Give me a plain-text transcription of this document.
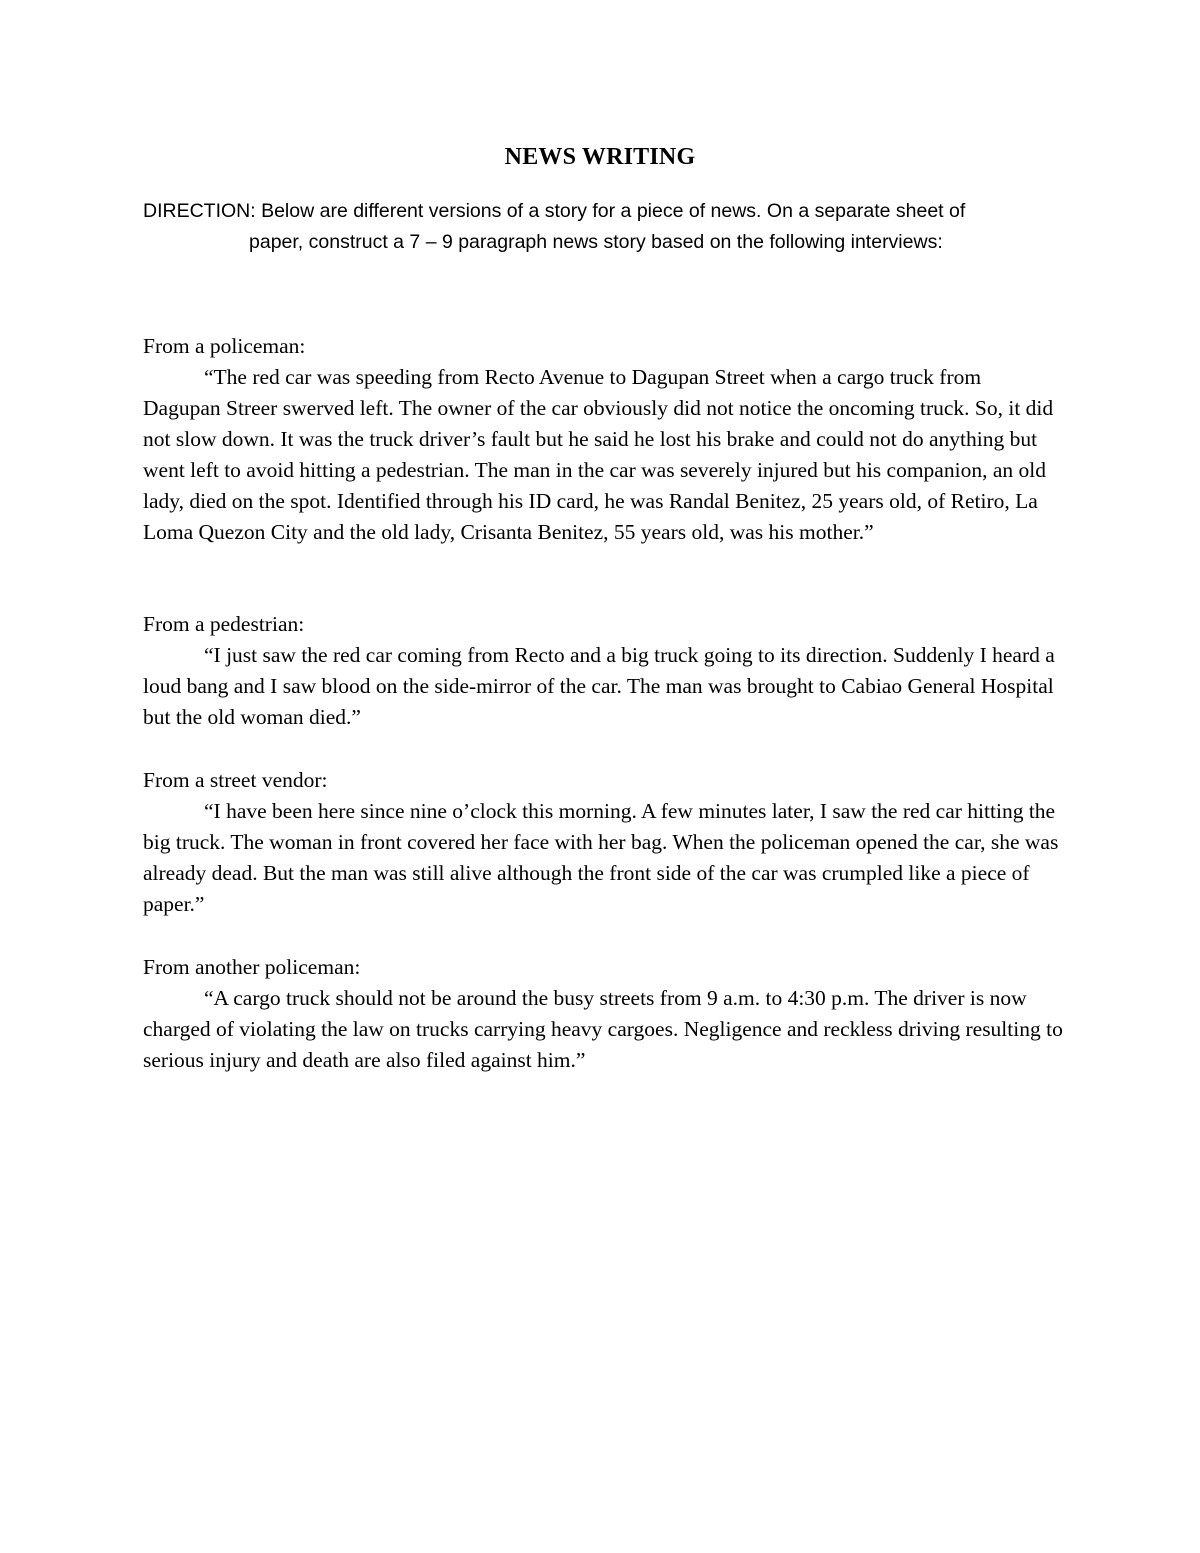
NEWS WRITING
DIRECTION: Below are different versions of a story for a piece of news. On a separate sheet of
paper, construct a 7 – 9 paragraph news story based on the following interviews:
From a policeman:

“The red car was speeding from Recto Avenue to Dagupan Street when a cargo truck from Dagupan Streer swerved left. The owner of the car obviously did not notice the oncoming truck. So, it did not slow down. It was the truck driver’s fault but he said he lost his brake and could not do anything but went left to avoid hitting a pedestrian. The man in the car was severely injured but his companion, an old lady, died on the spot. Identified through his ID card, he was Randal Benitez, 25 years old, of Retiro, La Loma Quezon City and the old lady, Crisanta Benitez, 55 years old, was his mother.”

From a pedestrian:

“I just saw the red car coming from Recto and a big truck going to its direction. Suddenly I heard a loud bang and I saw blood on the side-mirror of the car. The man was brought to Cabiao General Hospital but the old woman died.”

From a street vendor:

“I have been here since nine o’clock this morning. A few minutes later, I saw the red car hitting the big truck. The woman in front covered her face with her bag. When the policeman opened the car, she was already dead. But the man was still alive although the front side of the car was crumpled like a piece of paper.”

From another policeman:

“A cargo truck should not be around the busy streets from 9 a.m. to 4:30 p.m. The driver is now charged of violating the law on trucks carrying heavy cargoes. Negligence and reckless driving resulting to serious injury and death are also filed against him.”
